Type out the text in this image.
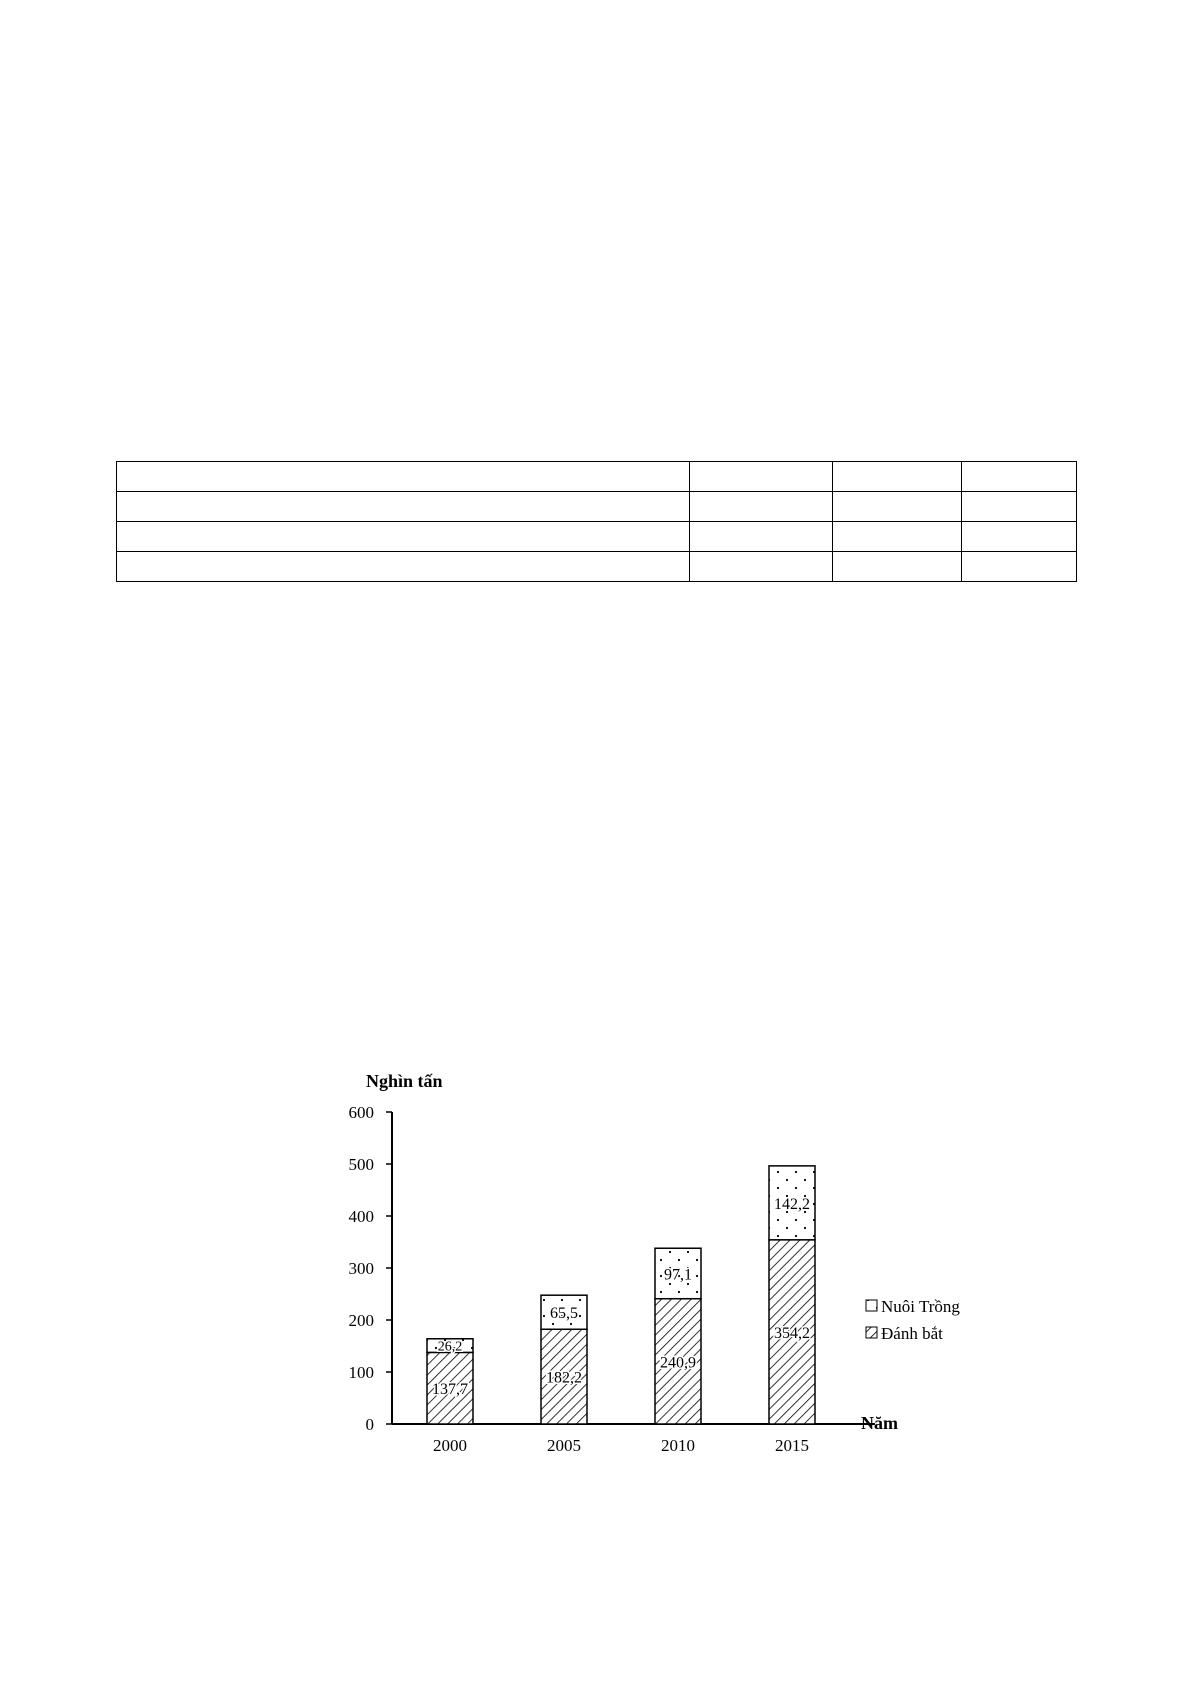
0
100
200
300
400
500
600
Nghìn tấn
Năm
137,7
26,2
2000
182,2
65,5
2005
240,9
97,1
2010
354,2
142,2
2015
Nuôi Trồng
Đánh bắt
